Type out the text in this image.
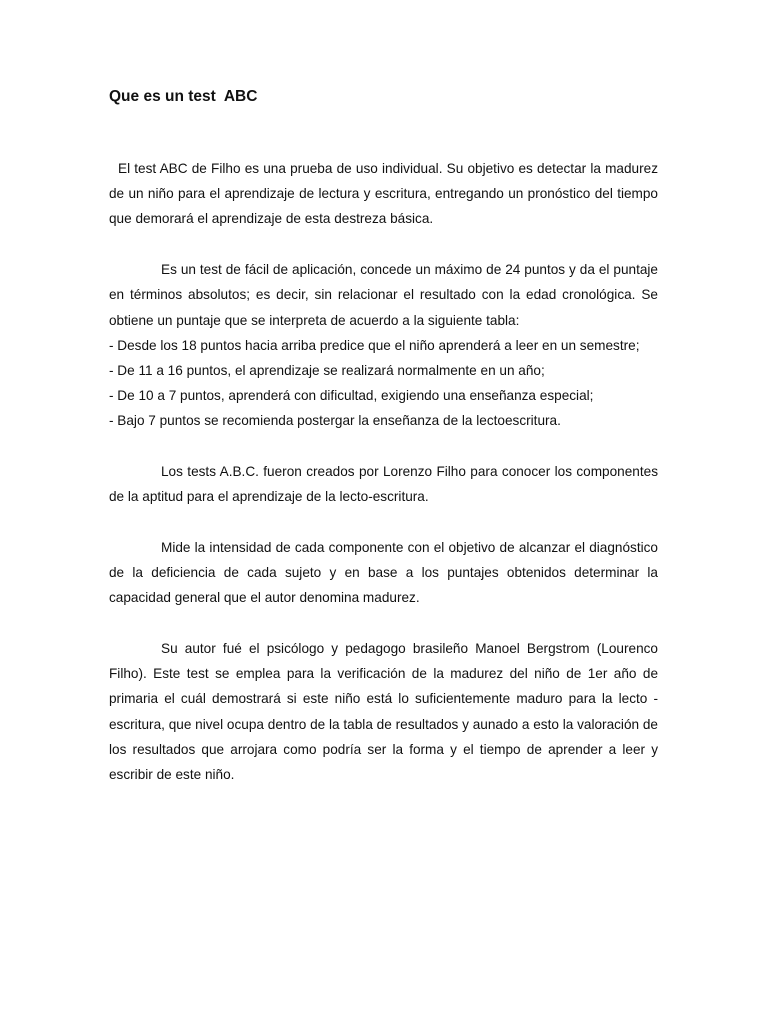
Que es un test  ABC

El test ABC de Filho es una prueba de uso individual. Su objetivo es detectar la madurez de un niño para el aprendizaje de lectura y escritura, entregando un pronóstico del tiempo que demorará el aprendizaje de esta destreza básica.

Es un test de fácil de aplicación, concede un máximo de 24 puntos y da el puntaje en términos absolutos; es decir, sin relacionar el resultado con la edad cronológica. Se obtiene un puntaje que se interpreta de acuerdo a la siguiente tabla:

- Desde los 18 puntos hacia arriba predice que el niño aprenderá a leer en un semestre;
- De 11 a 16 puntos, el aprendizaje se realizará normalmente en un año;
- De 10 a 7 puntos, aprenderá con dificultad, exigiendo una enseñanza especial;
- Bajo 7 puntos se recomienda postergar la enseñanza de la lectoescritura.

Los tests A.B.C. fueron creados por Lorenzo Filho para conocer los componentes de la aptitud para el aprendizaje de la lecto-escritura.

Mide la intensidad de cada componente con el objetivo de alcanzar el diagnóstico de la deficiencia de cada sujeto y en base a los puntajes obtenidos determinar la capacidad general que el autor denomina madurez.

Su autor fué el psicólogo y pedagogo brasileño Manoel Bergstrom (Lourenco Filho). Este test se emplea para la verificación de la madurez del niño de 1er año de primaria el cuál demostrará si este niño está lo suficientemente maduro para la lecto - escritura, que nivel ocupa dentro de la tabla de resultados y aunado a esto la valoración de los resultados que arrojara como podría ser la forma y el tiempo de aprender a leer y escribir de este niño.
